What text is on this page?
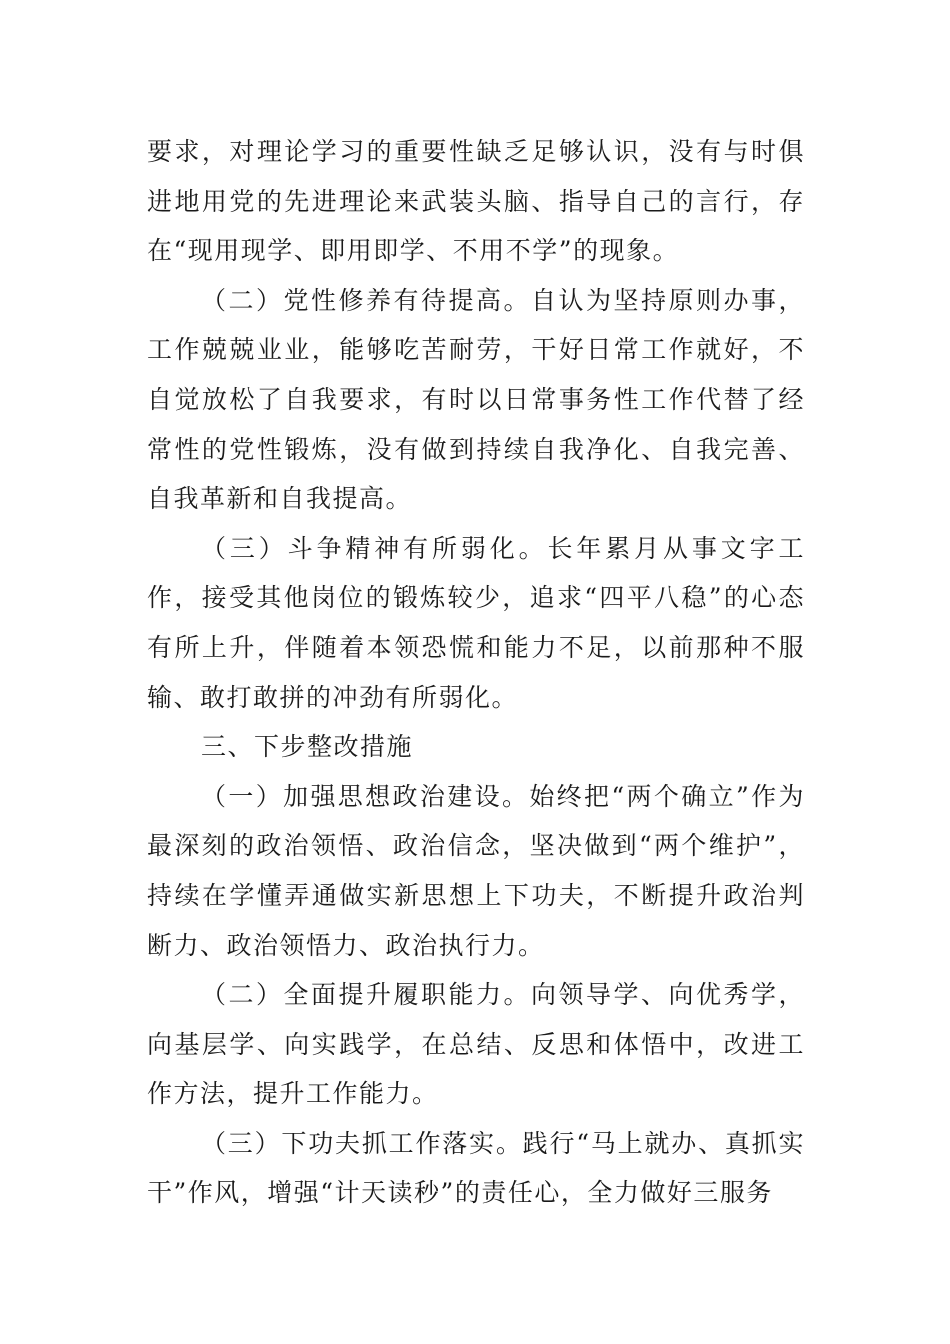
要求，对理论学习的重要性缺乏足够认识，没有与时俱进地用党的先进理论来武装头脑、指导自己的言行，存在“现用现学、即用即学、不用不学”的现象。

（二）党性修养有待提高。自认为坚持原则办事，工作兢兢业业，能够吃苦耐劳，干好日常工作就好，不自觉放松了自我要求，有时以日常事务性工作代替了经常性的党性锻炼，没有做到持续自我净化、自我完善、自我革新和自我提高。

（三）斗争精神有所弱化。长年累月从事文字工作，接受其他岗位的锻炼较少，追求“四平八稳”的心态有所上升，伴随着本领恐慌和能力不足，以前那种不服输、敢打敢拼的冲劲有所弱化。

三、下步整改措施

（一）加强思想政治建设。始终把“两个确立”作为最深刻的政治领悟、政治信念，坚决做到“两个维护”，持续在学懂弄通做实新思想上下功夫，不断提升政治判断力、政治领悟力、政治执行力。

（二）全面提升履职能力。向领导学、向优秀学，向基层学、向实践学，在总结、反思和体悟中，改进工作方法，提升工作能力。

（三）下功夫抓工作落实。践行“马上就办、真抓实干”作风，增强“计天读秒”的责任心，全力做好三服务
